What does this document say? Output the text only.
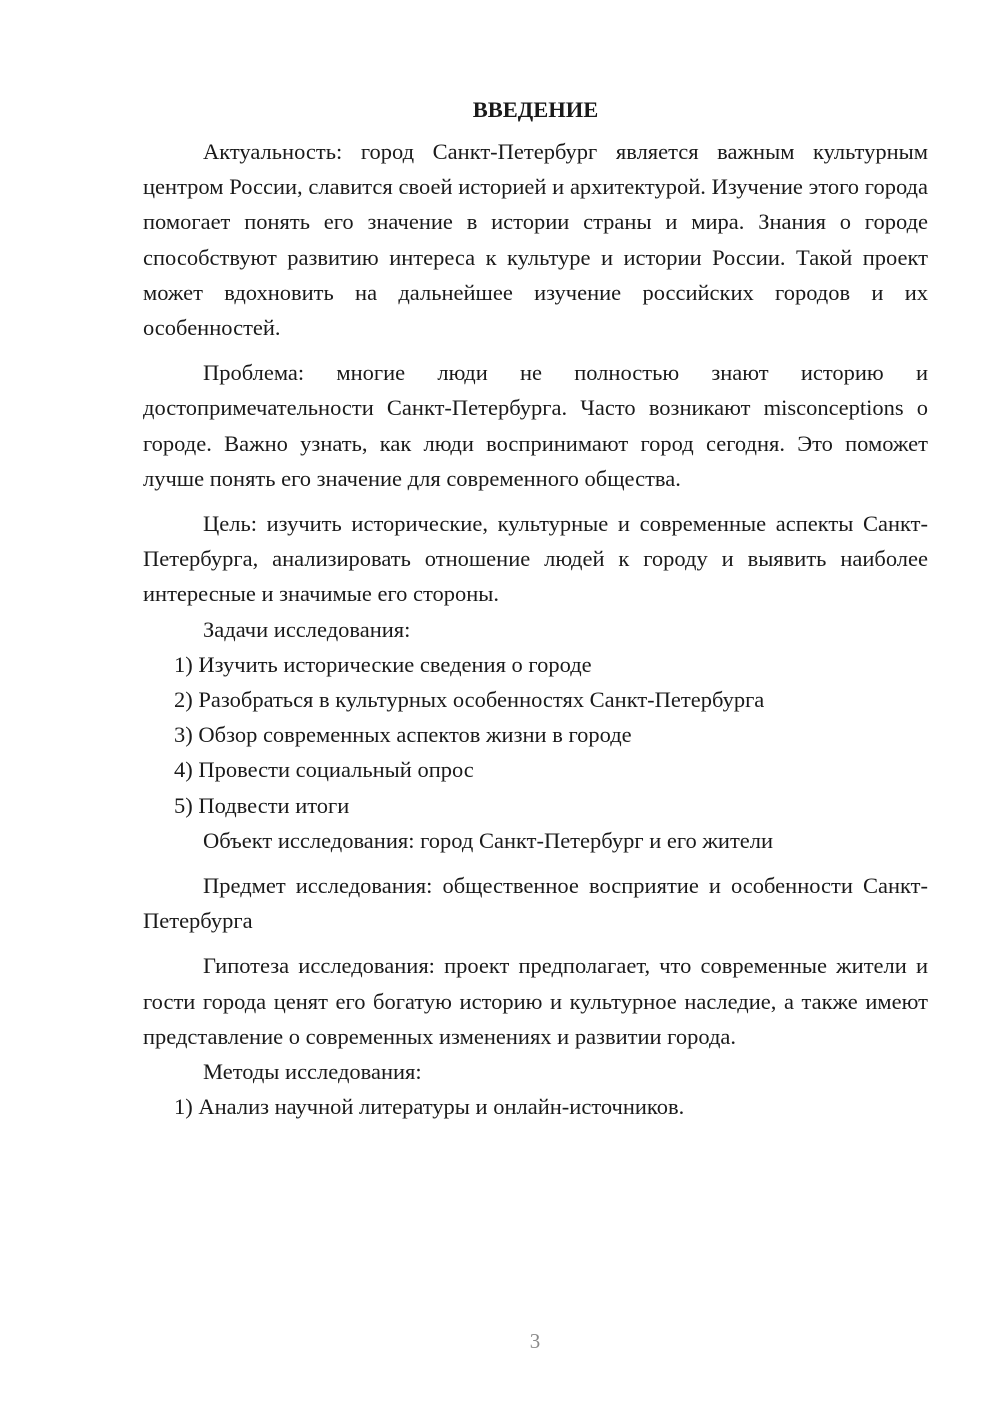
ВВЕДЕНИЕ

Актуальность: город Санкт-Петербург является важным культурным центром России, славится своей историей и архитектурой. Изучение этого города помогает понять его значение в истории страны и мира. Знания о городе способствуют развитию интереса к культуре и истории России. Такой проект может вдохновить на дальнейшее изучение российских городов и их особенностей.

Проблема: многие люди не полностью знают историю и достопримечательности Санкт-Петербурга. Часто возникают misconceptions о городе. Важно узнать, как люди воспринимают город сегодня. Это поможет лучше понять его значение для современного общества.

Цель: изучить исторические, культурные и современные аспекты Санкт-Петербурга, анализировать отношение людей к городу и выявить наиболее интересные и значимые его стороны.

Задачи исследования:

1) Изучить исторические сведения о городе

2) Разобраться в культурных особенностях Санкт-Петербурга

3) Обзор современных аспектов жизни в городе

4) Провести социальный опрос

5) Подвести итоги

Объект исследования: город Санкт-Петербург и его жители

Предмет исследования: общественное восприятие и особенности Санкт-Петербурга

Гипотеза исследования: проект предполагает, что современные жители и гости города ценят его богатую историю и культурное наследие, а также имеют представление о современных изменениях и развитии города.

Методы исследования:

1) Анализ научной литературы и онлайн-источников.

3
